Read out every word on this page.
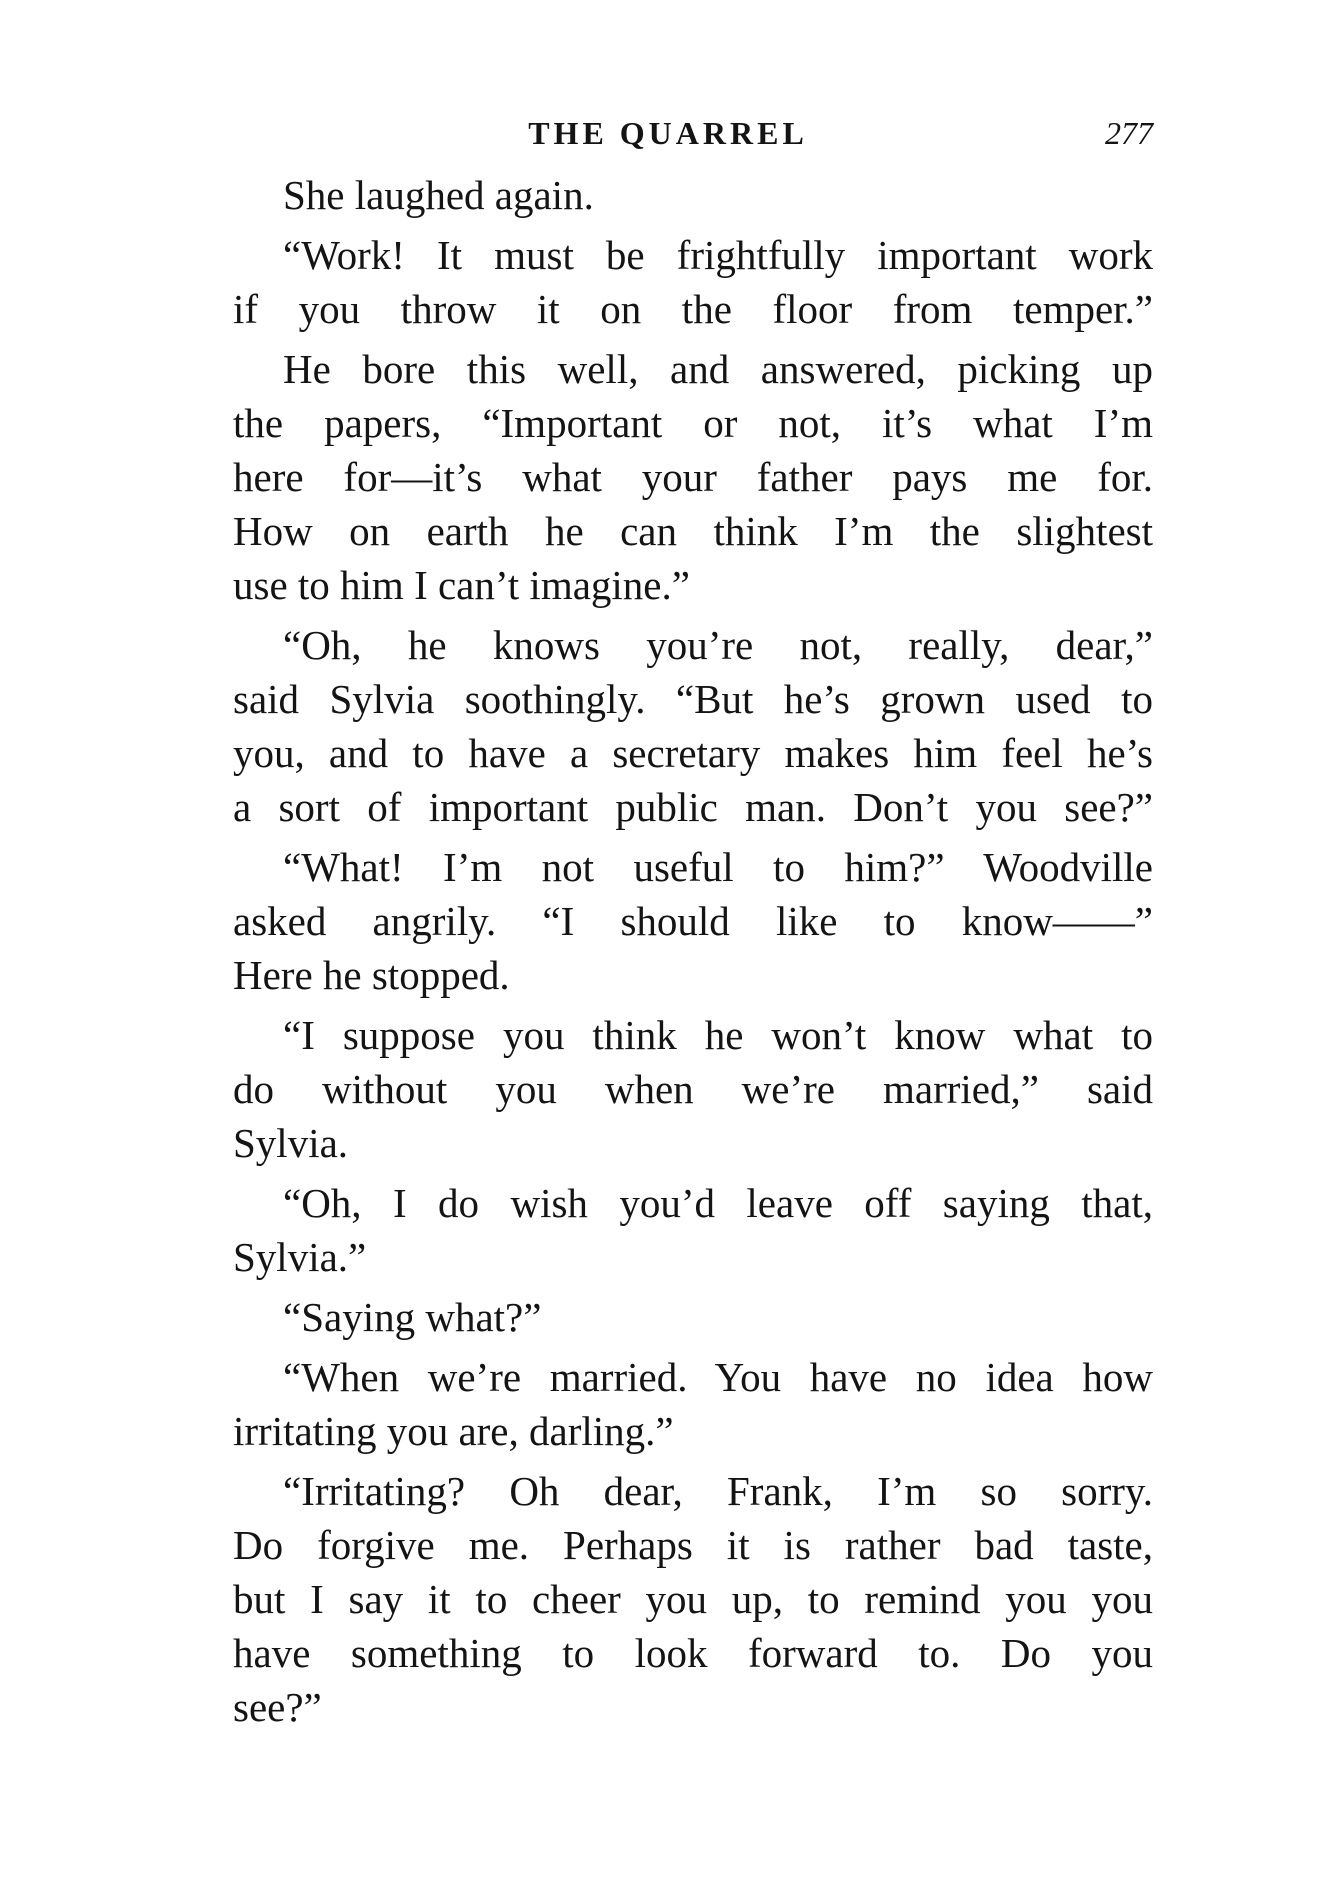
THE QUARREL	277
She laughed again.
“Work! It must be frightfully important work
if you throw it on the floor from temper.”
He bore this well, and answered, picking up
the papers, “Important or not, it’s what I’m
here for—it’s what your father pays me for.
How on earth he can think I’m the slightest
use to him I can’t imagine.”
“Oh, he knows you’re not, really, dear,”
said Sylvia soothingly. “But he’s grown used to
you, and to have a secretary makes him feel he’s
a sort of important public man. Don’t you see?”
“What! I’m not useful to him?” Woodville
asked angrily. “I should like to know——”
Here he stopped.
“I suppose you think he won’t know what to
do without you when we’re married,” said
Sylvia.
“Oh, I do wish you’d leave off saying that,
Sylvia.”
“Saying what?”
“When we’re married. You have no idea how
irritating you are, darling.”
“Irritating? Oh dear, Frank, I’m so sorry.
Do forgive me. Perhaps it is rather bad taste,
but I say it to cheer you up, to remind you you
have something to look forward to. Do you
see?”
